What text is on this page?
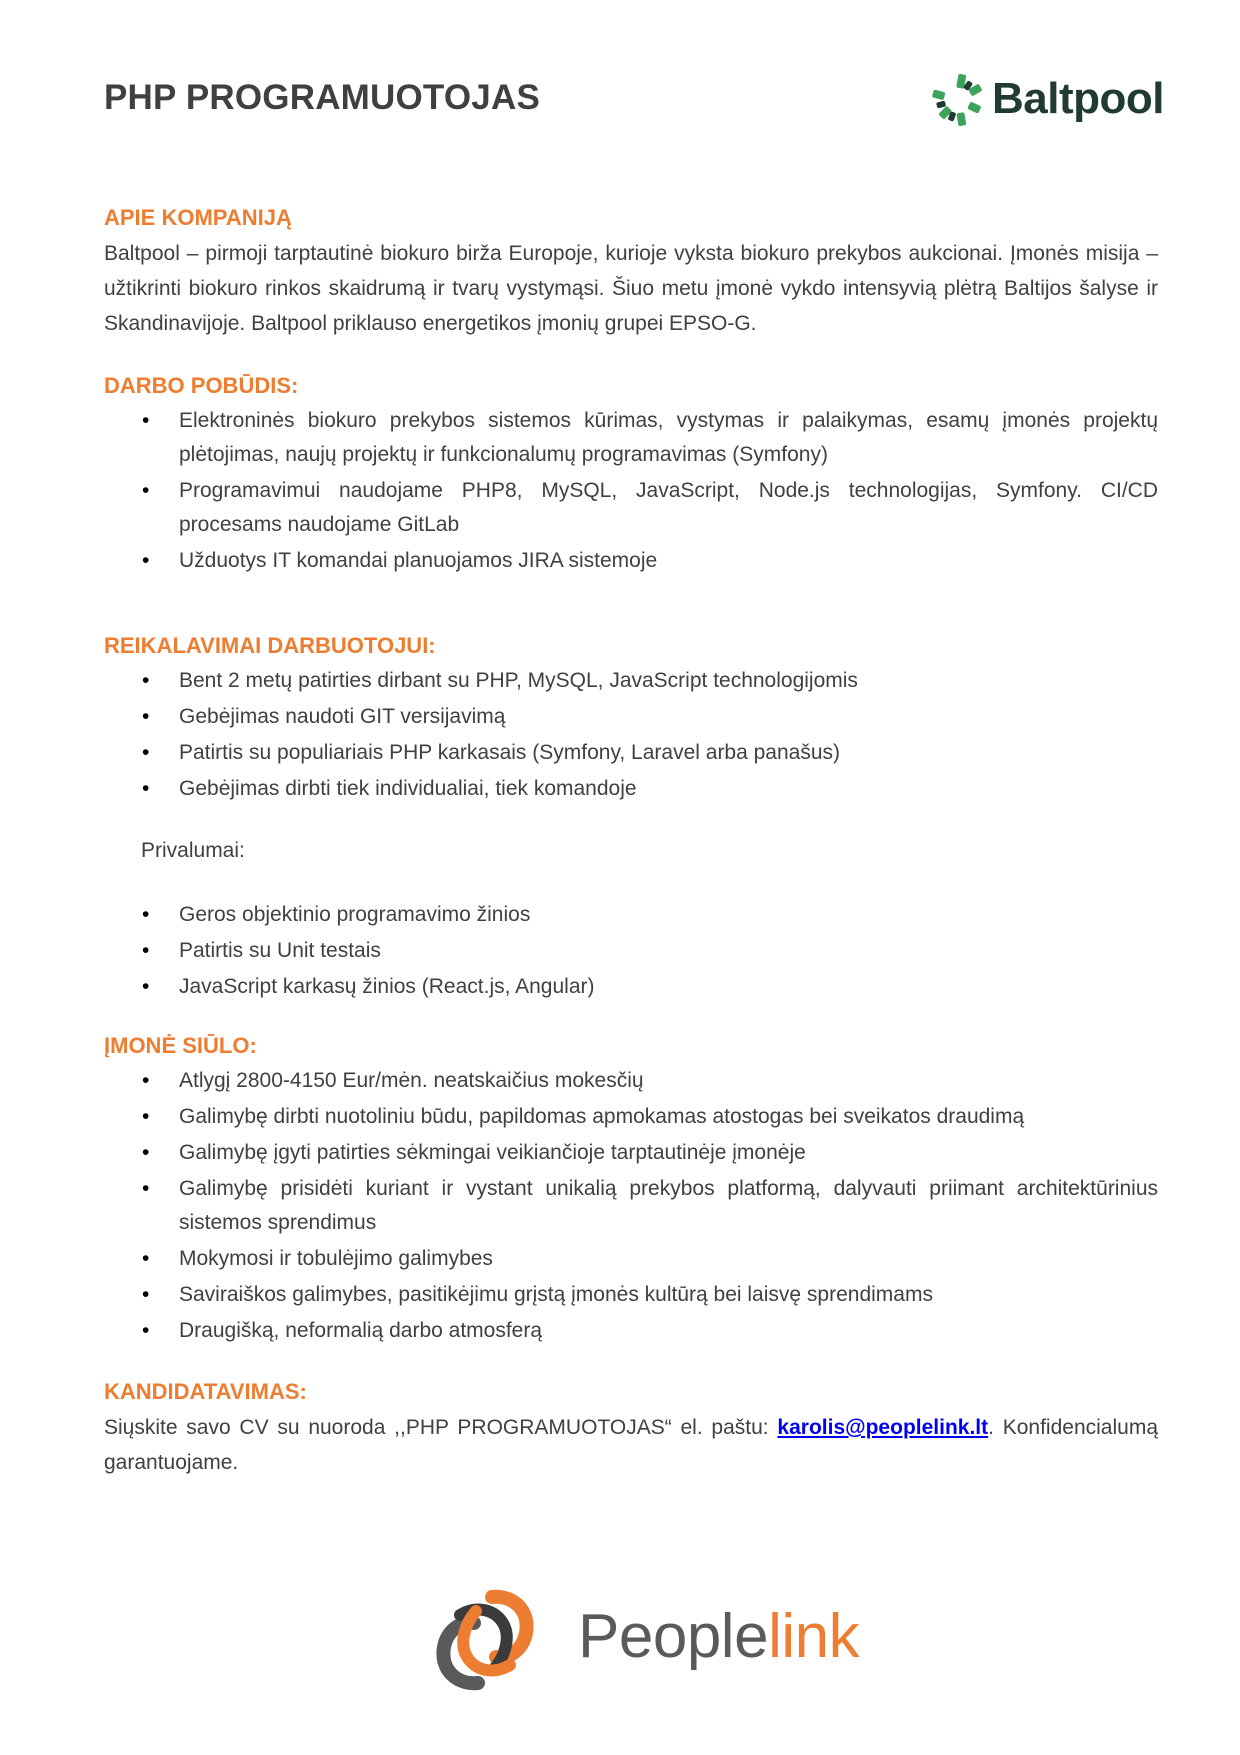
PHP PROGRAMUOTOJAS	Baltpool
APIE KOMPANIJĄ

Baltpool – pirmoji tarptautinė biokuro birža Europoje, kurioje vyksta biokuro prekybos aukcionai. Įmonės misija – užtikrinti biokuro rinkos skaidrumą ir tvarų vystymąsi. Šiuo metu įmonė vykdo intensyvią plėtrą Baltijos šalyse ir Skandinavijoje. Baltpool priklauso energetikos įmonių grupei EPSO-G.

DARBO POBŪDIS:
• Elektroninės biokuro prekybos sistemos kūrimas, vystymas ir palaikymas, esamų įmonės projektų plėtojimas, naujų projektų ir funkcionalumų programavimas (Symfony)
• Programavimui naudojame PHP8, MySQL, JavaScript, Node.js technologijas, Symfony. CI/CD procesams naudojame GitLab
• Užduotys IT komandai planuojamos JIRA sistemoje
REIKALAVIMAI DARBUOTOJUI:
• Bent 2 metų patirties dirbant su PHP, MySQL, JavaScript technologijomis
• Gebėjimas naudoti GIT versijavimą
• Patirtis su populiariais PHP karkasais (Symfony, Laravel arba panašus)
• Gebėjimas dirbti tiek individualiai, tiek komandoje

Privalumai:

• Geros objektinio programavimo žinios
• Patirtis su Unit testais
• JavaScript karkasų žinios (React.js, Angular)
ĮMONĖ SIŪLO:
• Atlygį 2800-4150 Eur/mėn. neatskaičius mokesčių
• Galimybę dirbti nuotoliniu būdu, papildomas apmokamas atostogas bei sveikatos draudimą
• Galimybę įgyti patirties sėkmingai veikiančioje tarptautinėje įmonėje
• Galimybę prisidėti kuriant ir vystant unikalią prekybos platformą, dalyvauti priimant architektūrinius sistemos sprendimus
• Mokymosi ir tobulėjimo galimybes
• Saviraiškos galimybes, pasitikėjimu grįstą įmonės kultūrą bei laisvę sprendimams
• Draugišką, neformalią darbo atmosferą
KANDIDATAVIMAS:

Siųskite savo CV su nuoroda ,,PHP PROGRAMUOTOJAS“ el. paštu: karolis@peoplelink.lt. Konfidencialumą garantuojame.

Peoplelink
